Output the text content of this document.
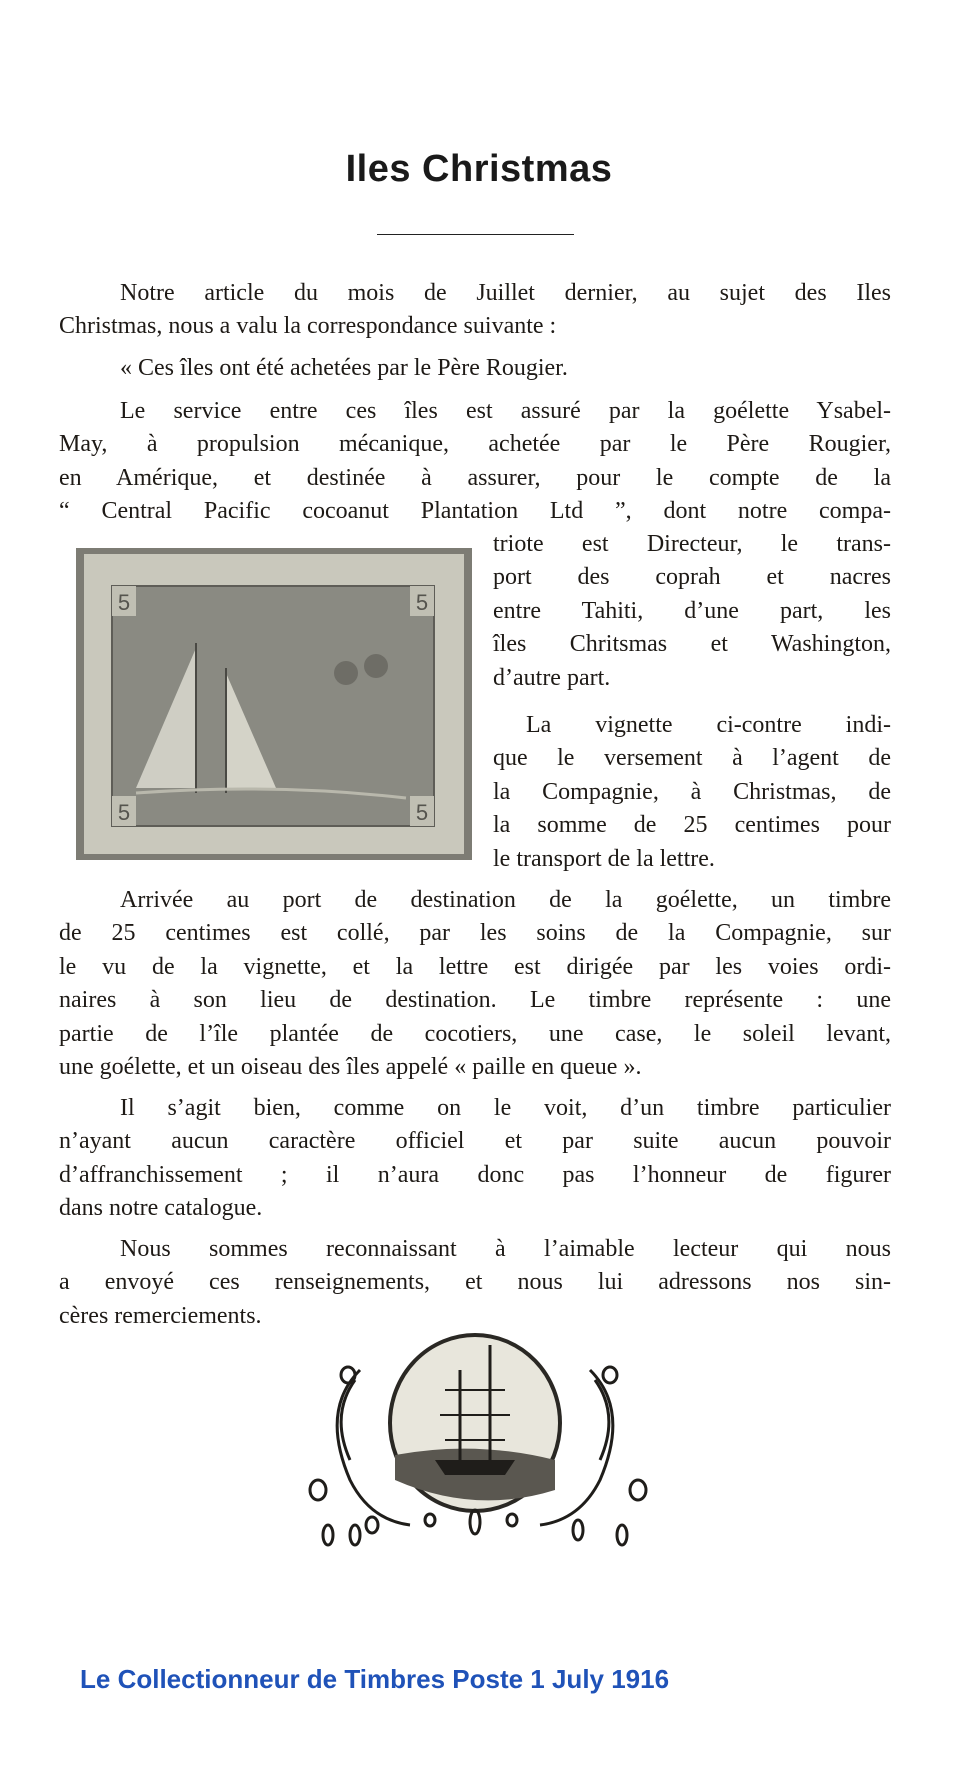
Iles Christmas
Notre article du mois de Juillet dernier, au sujet des Iles
Christmas, nous a valu la correspondance suivante :
« Ces îles ont été achetées par le Père Rougier.
Le service entre ces îles est assuré par la goélette Ysabel-
May, à propulsion mécanique, achetée par le Père Rougier,
en Amérique, et destinée à assurer, pour le compte de la
“ Central Pacific cocoanut Plantation Ltd ”, dont notre compa-
triote est Directeur, le trans-
port des coprah et nacres
entre Tahiti, d’une part, les
îles Chritsmas et Washington,
d’autre part.
La vignette ci-contre indi-
que le versement à l’agent de
la Compagnie, à Christmas, de
la somme de 25 centimes pour
le transport de la lettre.
Arrivée au port de destination de la goélette, un timbre
de 25 centimes est collé, par les soins de la Compagnie, sur
le vu de la vignette, et la lettre est dirigée par les voies ordi-
naires à son lieu de destination. Le timbre représente : une
partie de l’île plantée de cocotiers, une case, le soleil levant,
une goélette, et un oiseau des îles appelé « paille en queue ».
Il s’agit bien, comme on le voit, d’un timbre particulier
n’ayant aucun caractère officiel et par suite aucun pouvoir
d’affranchissement ; il n’aura donc pas l’honneur de figurer
dans notre catalogue.
Nous sommes reconnaissant à l’aimable lecteur qui nous
a envoyé ces renseignements, et nous lui adressons nos sin-
cères remerciements.
5	5
5	5
Le Collectionneur de Timbres Poste 1 July 1916
